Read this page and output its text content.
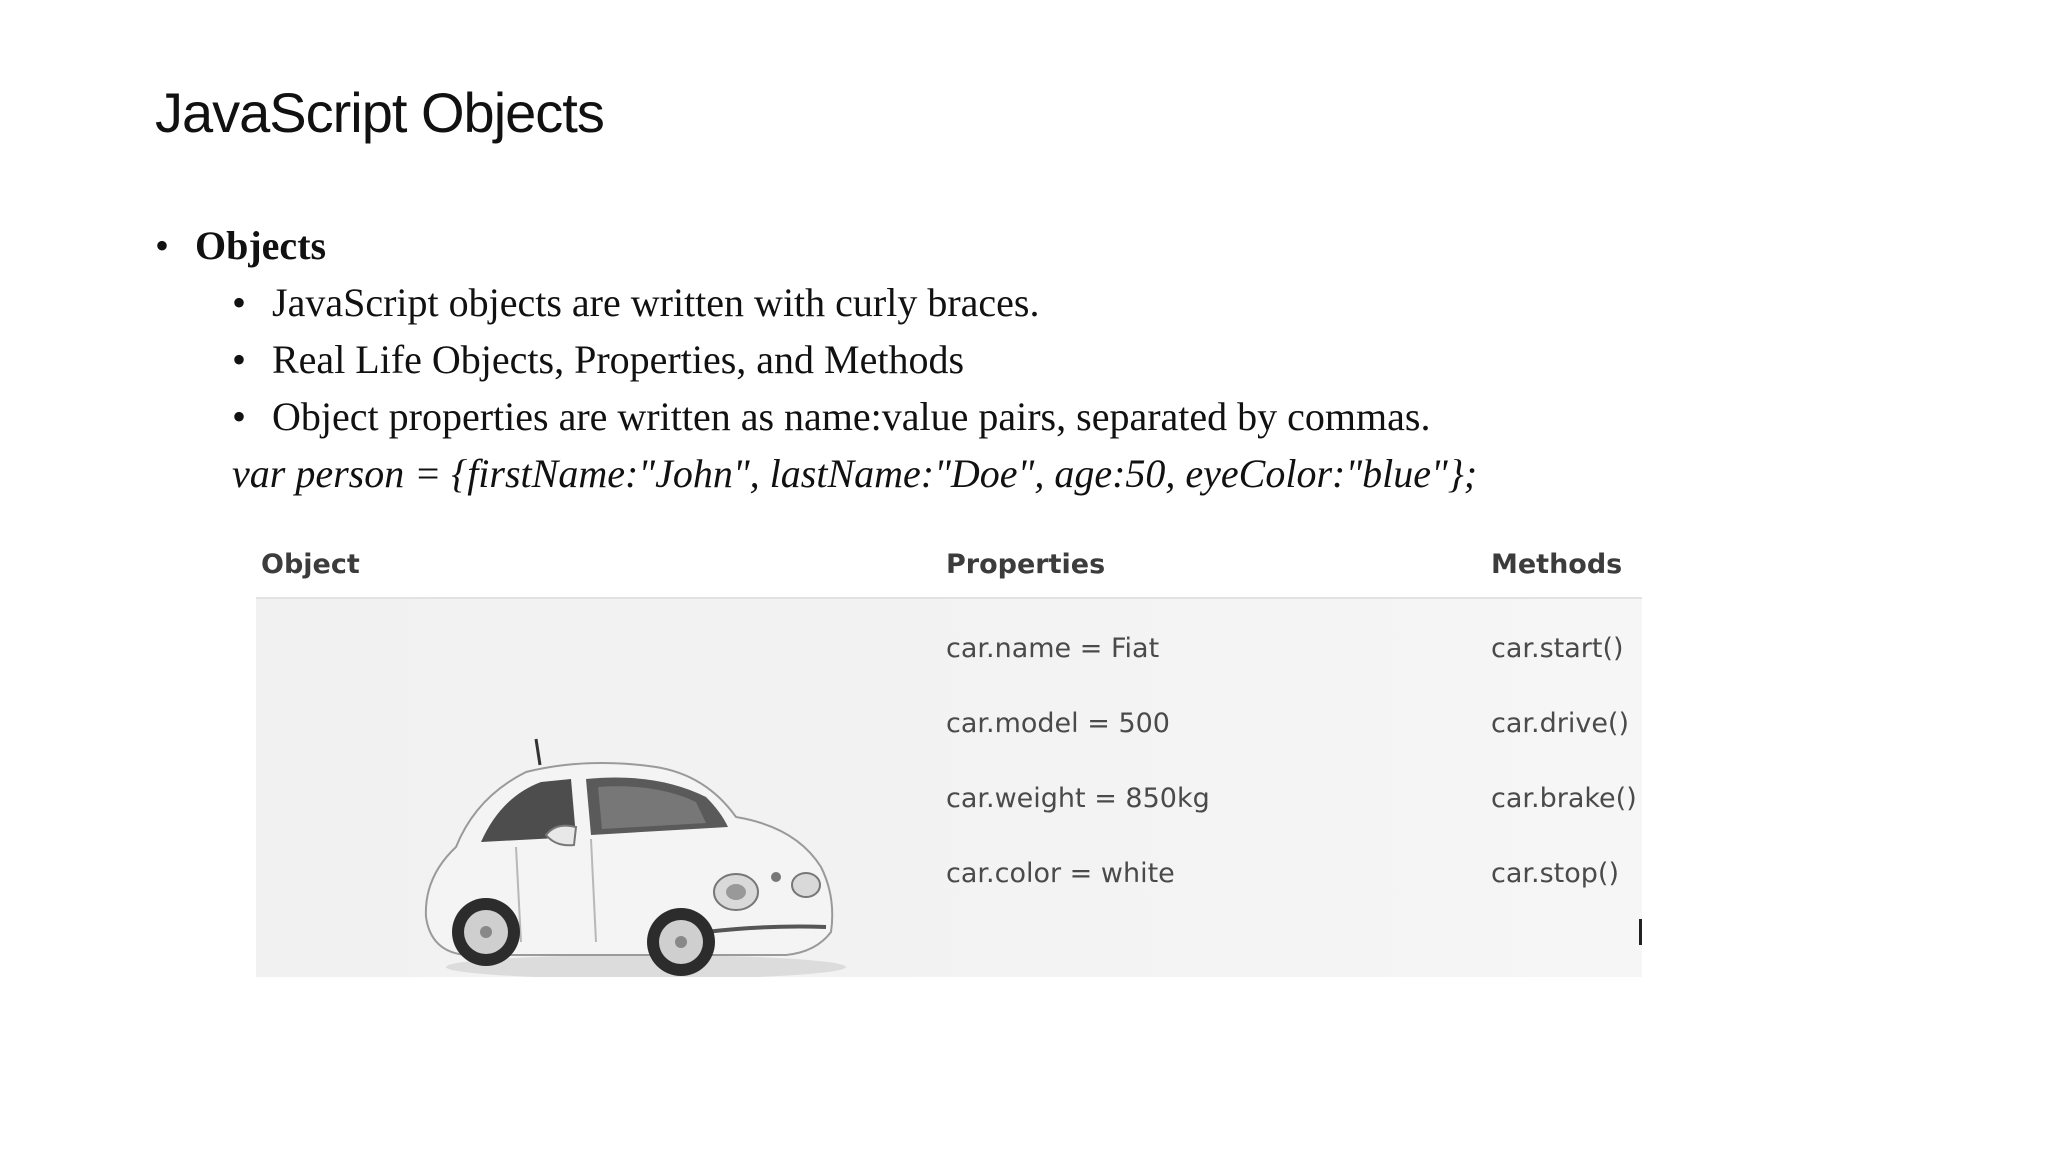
JavaScript Objects
• Objects
• JavaScript objects are written with curly braces.
• Real Life Objects, Properties, and Methods
• Object properties are written as name:value pairs, separated by commas.
var person = {firstName:"John", lastName:"Doe", age:50, eyeColor:"blue"};
Object	Properties	Methods
car.name = Fiat
car.model = 500
car.weight = 850kg
car.color = white
car.start()
car.drive()
car.brake()
car.stop()
